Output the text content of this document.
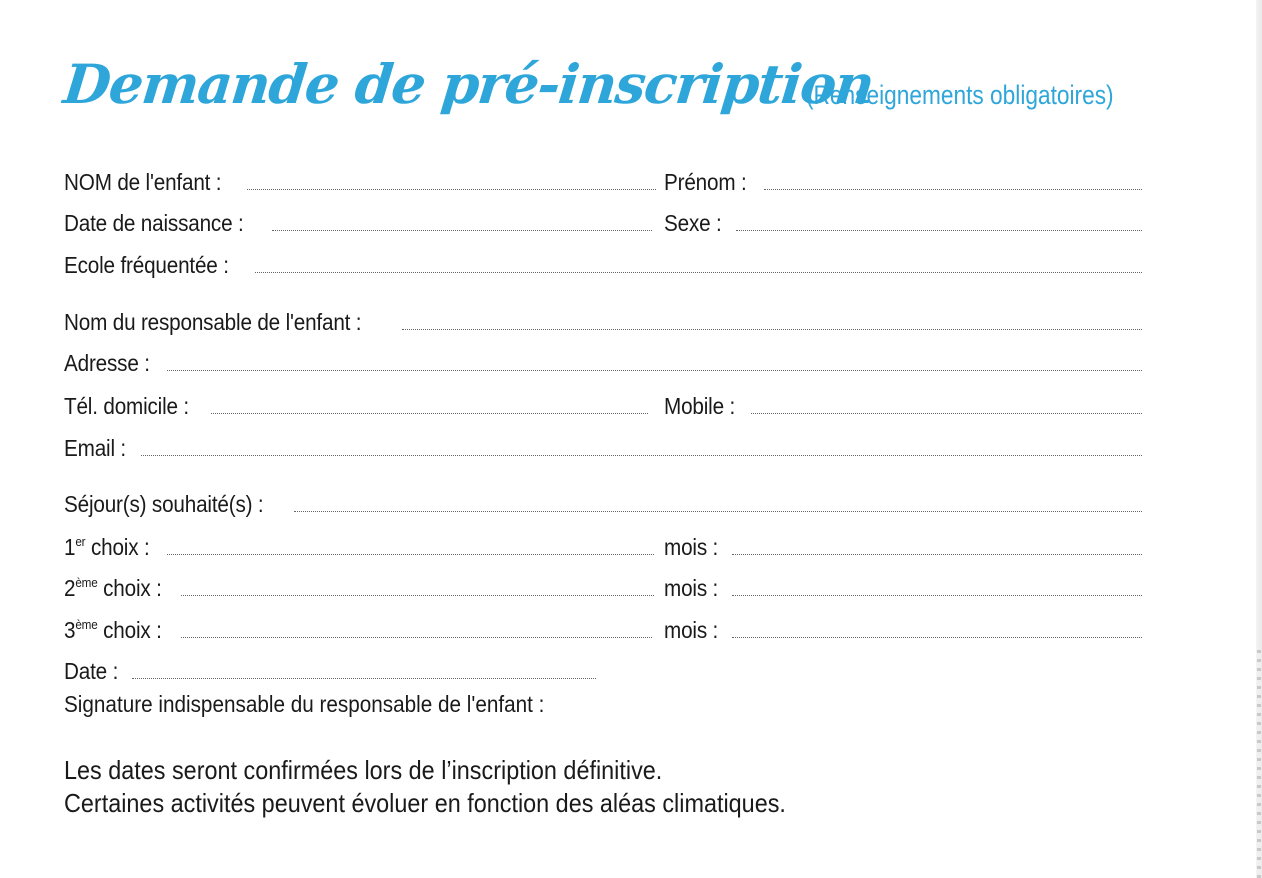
Demande de pré-inscription
(Renseignements obligatoires)
NOM de l'enfant :	Prénom :
Date de naissance :	Sexe :
Ecole fréquentée :
Nom du responsable de l'enfant :
Adresse :
Tél. domicile :	Mobile :
Email :
Séjour(s) souhaité(s) :
1er choix :	mois :
2ème choix :	mois :
3ème choix :	mois :
Date :
Signature indispensable du responsable de l'enfant :
Les dates seront confirmées lors de l’inscription définitive.
Certaines activités peuvent évoluer en fonction des aléas climatiques.
